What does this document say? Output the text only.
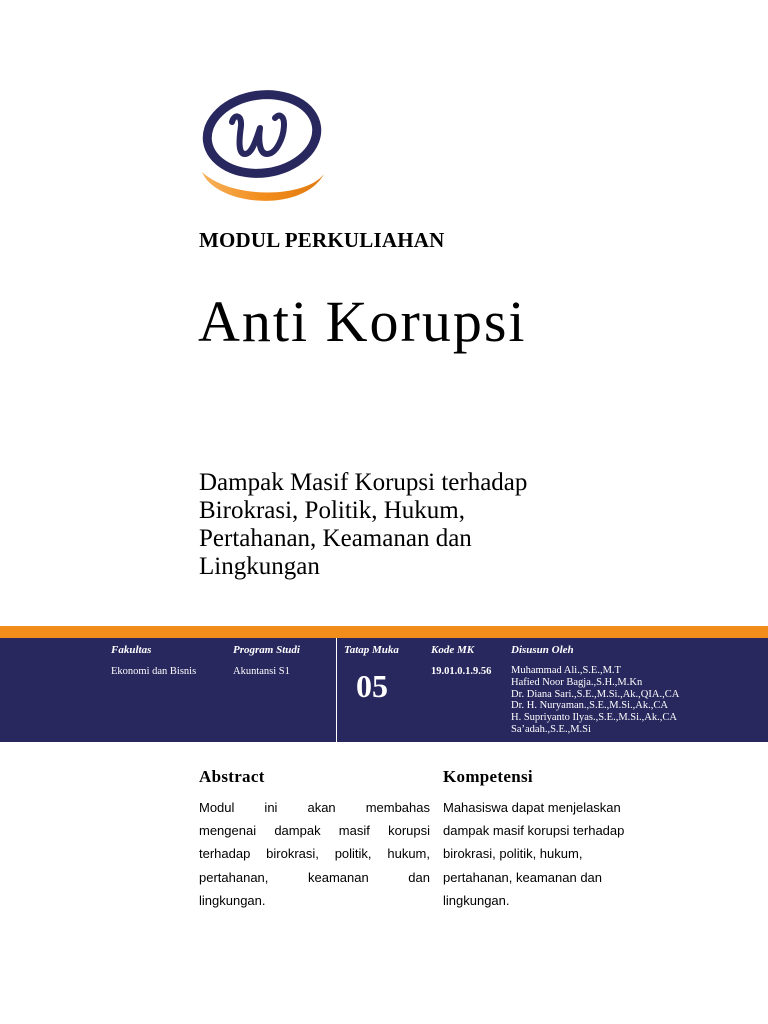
MODUL PERKULIAHAN
Anti Korupsi
Dampak Masif Korupsi terhadap
Birokrasi, Politik, Hukum,
Pertahanan, Keamanan dan
Lingkungan
Fakultas
Ekonomi dan Bisnis
Program Studi
Akuntansi S1
Tatap Muka
05
Kode MK
19.01.0.1.9.56
Disusun Oleh
Muhammad Ali.,S.E.,M.T
Hafied Noor Bagja.,S.H.,M.Kn
Dr. Diana Sari.,S.E.,M.Si.,Ak.,QIA.,CA
Dr. H. Nuryaman.,S.E.,M.Si.,Ak.,CA
H. Supriyanto Ilyas.,S.E.,M.Si.,Ak.,CA
Sa’adah.,S.E.,M.Si
Abstract
Modul ini akan membahas
mengenai dampak masif korupsi
terhadap birokrasi, politik, hukum,
pertahanan, keamanan dan
lingkungan.
Kompetensi
Mahasiswa dapat menjelaskan
dampak masif korupsi terhadap
birokrasi, politik, hukum,
pertahanan, keamanan dan
lingkungan.
